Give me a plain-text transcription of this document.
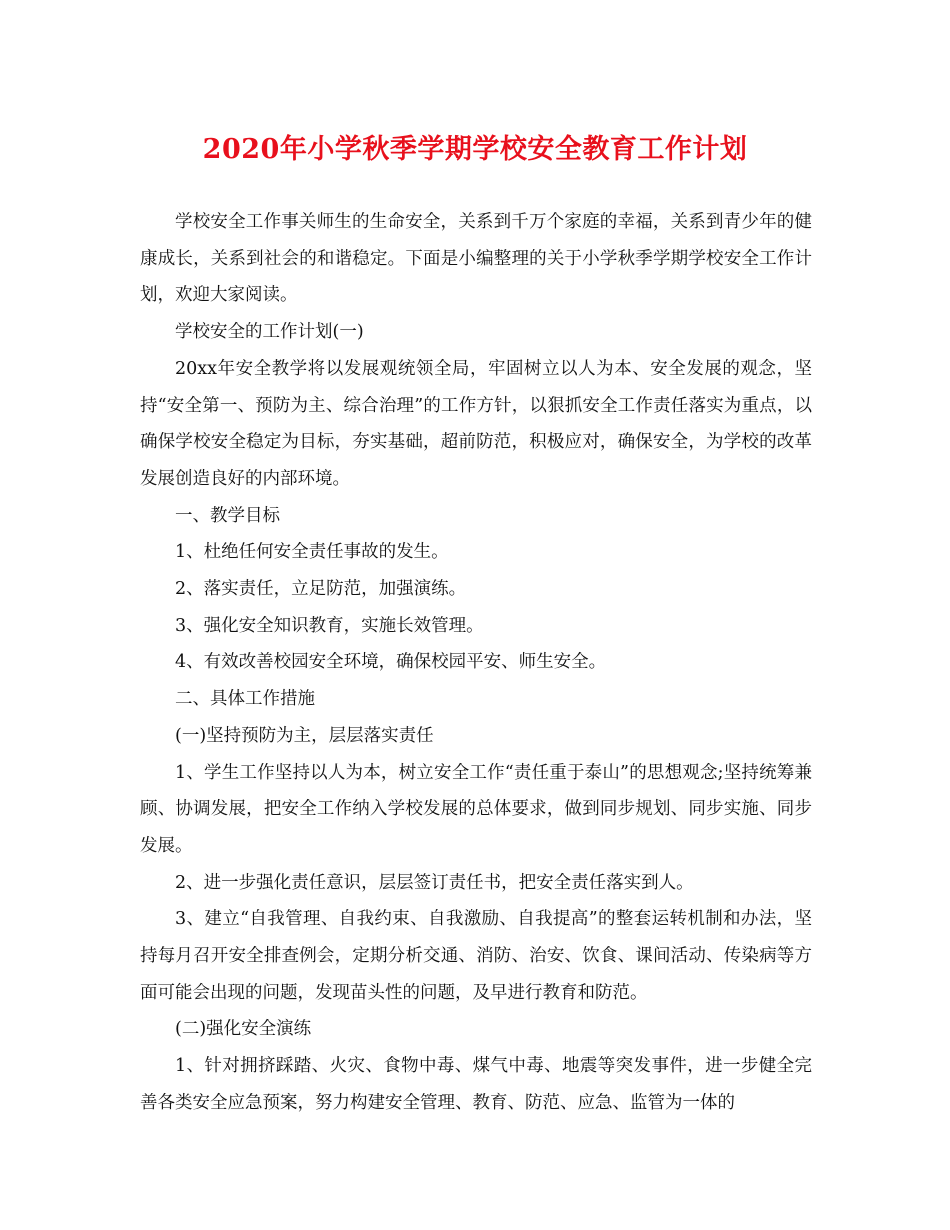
2020年小学秋季学期学校安全教育工作计划

学校安全工作事关师生的生命安全，关系到千万个家庭的幸福，关系到青少年的健康成长，关系到社会的和谐稳定。下面是小编整理的关于小学秋季学期学校安全工作计划，欢迎大家阅读。

学校安全的工作计划(一)

20xx年安全教学将以发展观统领全局，牢固树立以人为本、安全发展的观念，坚持“安全第一、预防为主、综合治理”的工作方针，以狠抓安全工作责任落实为重点，以确保学校安全稳定为目标，夯实基础，超前防范，积极应对，确保安全，为学校的改革发展创造良好的内部环境。

一、教学目标

1、杜绝任何安全责任事故的发生。

2、落实责任，立足防范，加强演练。

3、强化安全知识教育，实施长效管理。

4、有效改善校园安全环境，确保校园平安、师生安全。

二、具体工作措施

(一)坚持预防为主，层层落实责任

1、学生工作坚持以人为本，树立安全工作“责任重于泰山”的思想观念;坚持统筹兼顾、协调发展，把安全工作纳入学校发展的总体要求，做到同步规划、同步实施、同步发展。

2、进一步强化责任意识，层层签订责任书，把安全责任落实到人。

3、建立“自我管理、自我约束、自我激励、自我提高”的整套运转机制和办法，坚持每月召开安全排查例会，定期分析交通、消防、治安、饮食、课间活动、传染病等方面可能会出现的问题，发现苗头性的问题，及早进行教育和防范。

(二)强化安全演练

1、针对拥挤踩踏、火灾、食物中毒、煤气中毒、地震等突发事件，进一步健全完善各类安全应急预案，努力构建安全管理、教育、防范、应急、监管为一体的
